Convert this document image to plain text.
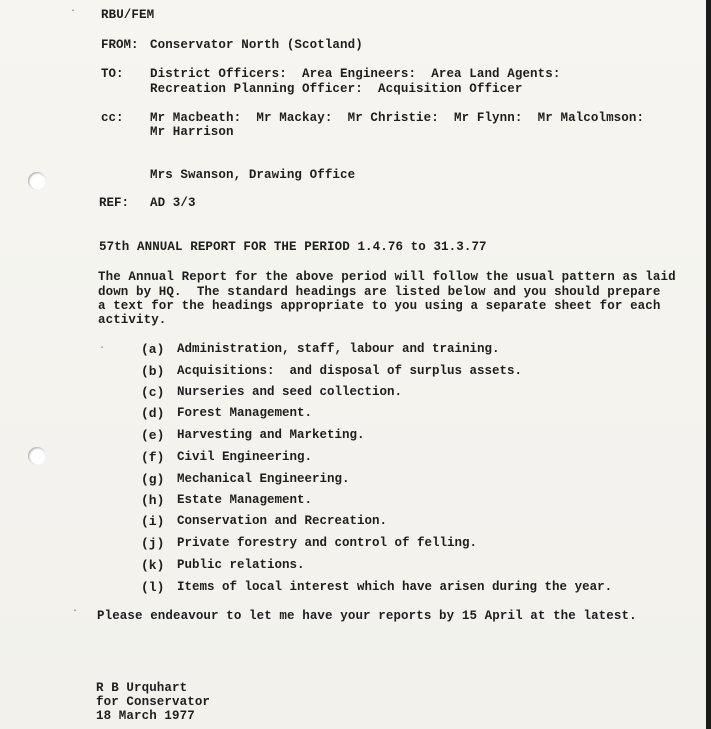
RBU/FEM
FROM: Conservator North (Scotland)
TO: District Officers:  Area Engineers:  Area Land Agents:
Recreation Planning Officer:  Acquisition Officer
cc: Mr Macbeath:  Mr Mackay:  Mr Christie:  Mr Flynn:  Mr Malcolmson:
Mr Harrison
Mrs Swanson, Drawing Office
REF: AD 3/3
57th ANNUAL REPORT FOR THE PERIOD 1.4.76 to 31.3.77
The Annual Report for the above period will follow the usual pattern as laid
down by HQ.  The standard headings are listed below and you should prepare
a text for the headings appropriate to you using a separate sheet for each
activity.
(a) Administration, staff, labour and training.
(b) Acquisitions:  and disposal of surplus assets.
(c) Nurseries and seed collection.
(d) Forest Management.
(e) Harvesting and Marketing.
(f) Civil Engineering.
(g) Mechanical Engineering.
(h) Estate Management.
(i) Conservation and Recreation.
(j) Private forestry and control of felling.
(k) Public relations.
(l) Items of local interest which have arisen during the year.
Please endeavour to let me have your reports by 15 April at the latest.
R B Urquhart
for Conservator
18 March 1977
·
·
·
